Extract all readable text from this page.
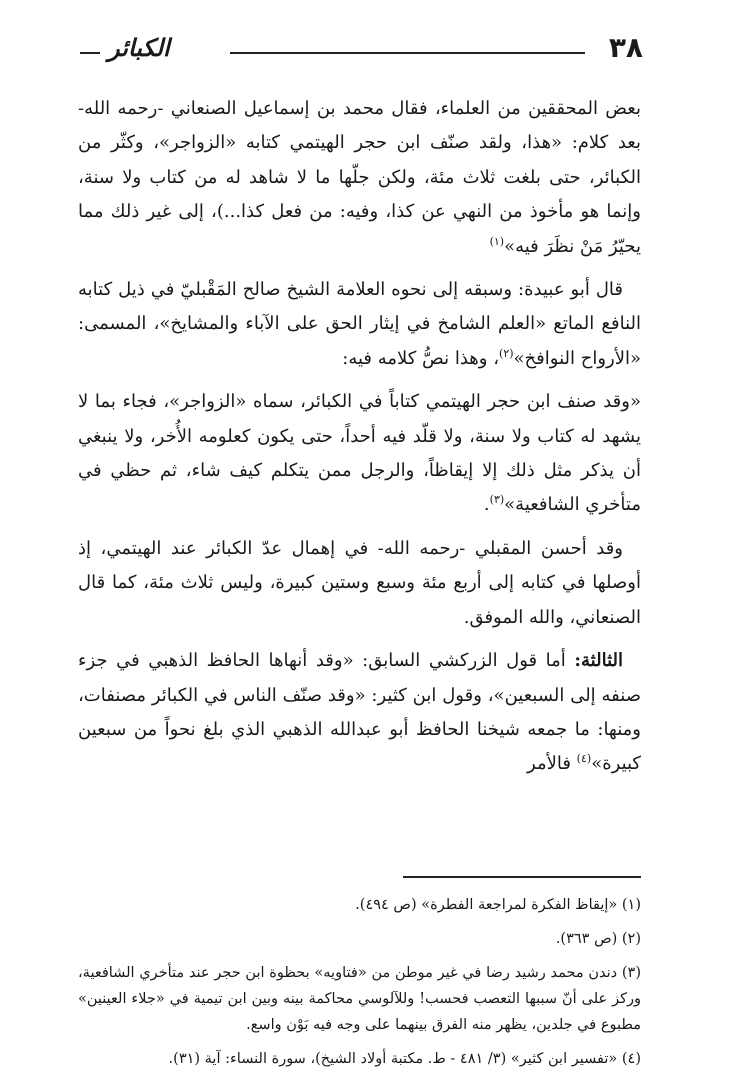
٣٨
الكبائر

بعض المحققين من العلماء، فقال محمد بن إسماعيل الصنعاني -رحمه الله- بعد كلام: «هذا، ولقد صنّف ابن حجر الهيتمي كتابه «الزواجر»، وكثّر من الكبائر، حتى بلغت ثلاث مئة، ولكن جلّها ما لا شاهد له من كتاب ولا سنة، وإنما هو مأخوذ من النهي عن كذا، وفيه: من فعل كذا...)، إلى غير ذلك مما يحيّرُ مَنْ نظَرَ فيه»$^{(١)}$

قال أبو عبيدة: وسبقه إلى نحوه العلامة الشيخ صالح المَقْبليّ في ذيل كتابه النافع الماتع «العلم الشامخ في إيثار الحق على الآباء والمشايخ»، المسمى: «الأرواح النوافخ»$^{(٢)}$، وهذا نصُّ كلامه فيه:

«وقد صنف ابن حجر الهيتمي كتاباً في الكبائر، سماه «الزواجر»، فجاء بما لا يشهد له كتاب ولا سنة، ولا قلّد فيه أحداً، حتى يكون كعلومه الأُخر، ولا ينبغي أن يذكر مثل ذلك إلا إيقاظاً، والرجل ممن يتكلم كيف شاء، ثم حظي في متأخري الشافعية»$^{(٣)}$.

وقد أحسن المقبلي -رحمه الله- في إهمال عدّ الكبائر عند الهيتمي، إذ أوصلها في كتابه إلى أربع مئة وسبع وستين كبيرة، وليس ثلاث مئة، كما قال الصنعاني، والله الموفق.

الثالثة: أما قول الزركشي السابق: «وقد أنهاها الحافظ الذهبي في جزء صنفه إلى السبعين»، وقول ابن كثير: «وقد صنّف الناس في الكبائر مصنفات، ومنها: ما جمعه شيخنا الحافظ أبو عبدالله الذهبي الذي بلغ نحواً من سبعين كبيرة»$^{(٤)}$ فالأمر

(١) «إيقاظ الفكرة لمراجعة الفطرة» (ص ٤٩٤).

(٢) (ص ٣٦٣).

(٣) دندن محمد رشيد رضا في غير موطن من «فتاويه» بحظوة ابن حجر عند متأخري الشافعية، وركز على أنّ سببها التعصب فحسب! وللآلوسي محاكمة بينه وبين ابن تيمية في «جلاء العينين» مطبوع في جلدين، يظهر منه الفرق بينهما على وجه فيه بَوْن واسع.

(٤) «تفسير ابن كثير» (٣/ ٤٨١ - ط. مكتبة أولاد الشيخ)، سورة النساء: آية (٣١).
